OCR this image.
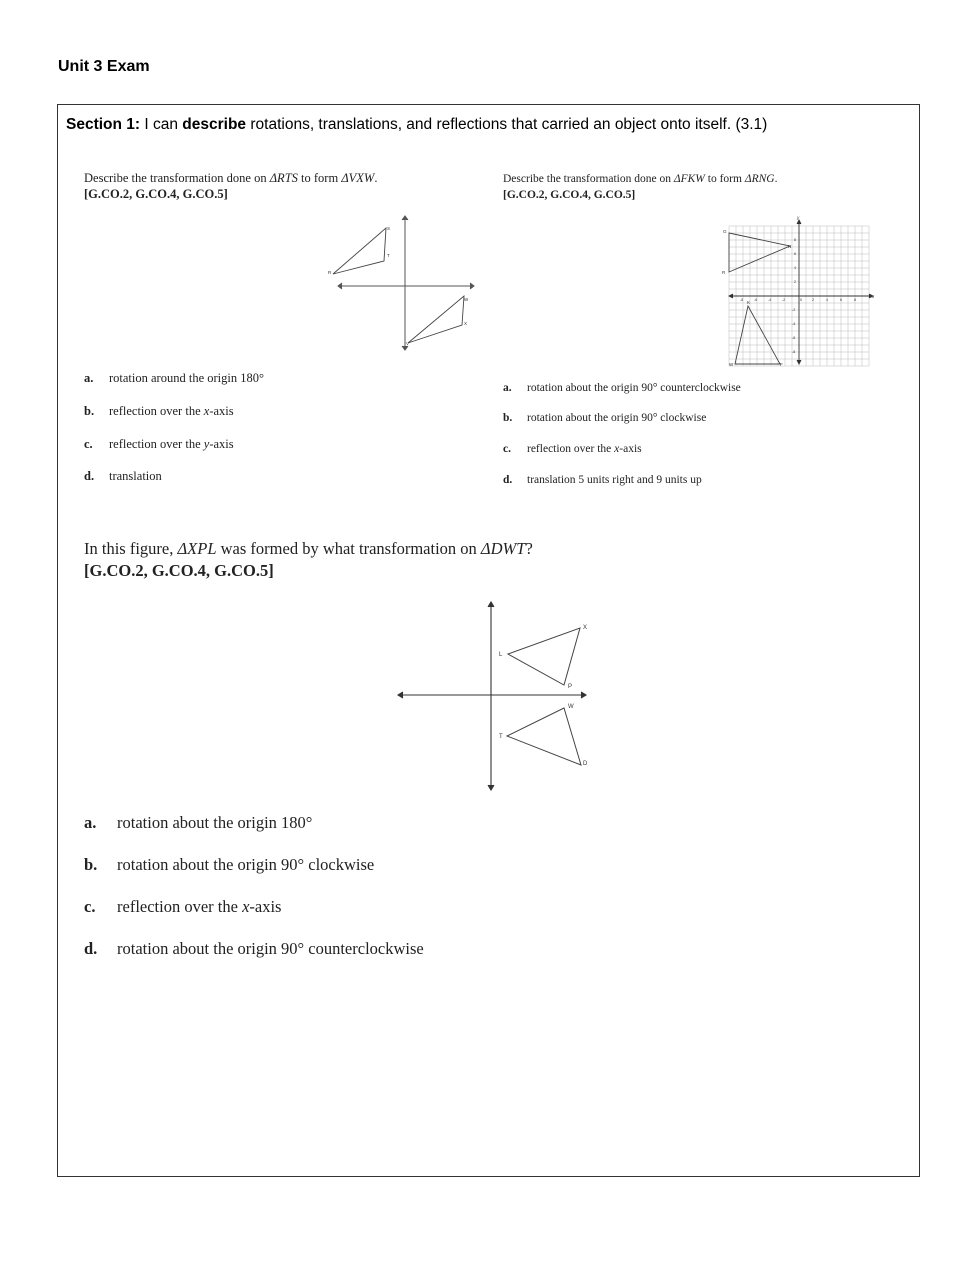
Unit 3 Exam
Section 1: I can describe rotations, translations, and reflections that carried an object onto itself. (3.1)
Describe the transformation done on ΔRTS to form ΔVXW.
[G.CO.2, G.CO.4, G.CO.5]
S
T
R
W
X
V
a. rotation around the origin 180°
b. reflection over the x-axis
c. reflection over the y-axis
d. translation
Describe the transformation done on ΔFKW to form ΔRNG.
[G.CO.2, G.CO.4, G.CO.5]
y
x
G
N
R
K
W	F
-8	-6	-4	-2	0	2	4	6	8
8
6
4
2
-2
-4
-6
-8
a. rotation about the origin 90° counterclockwise
b. rotation about the origin 90° clockwise
c. reflection over the x-axis
d. translation 5 units right and 9 units up
In this figure, ΔXPL was formed by what transformation on ΔDWT?
[G.CO.2, G.CO.4, G.CO.5]
X
L
P
W
T
D
a. rotation about the origin 180°
b. rotation about the origin 90° clockwise
c. reflection over the x-axis
d. rotation about the origin 90° counterclockwise
